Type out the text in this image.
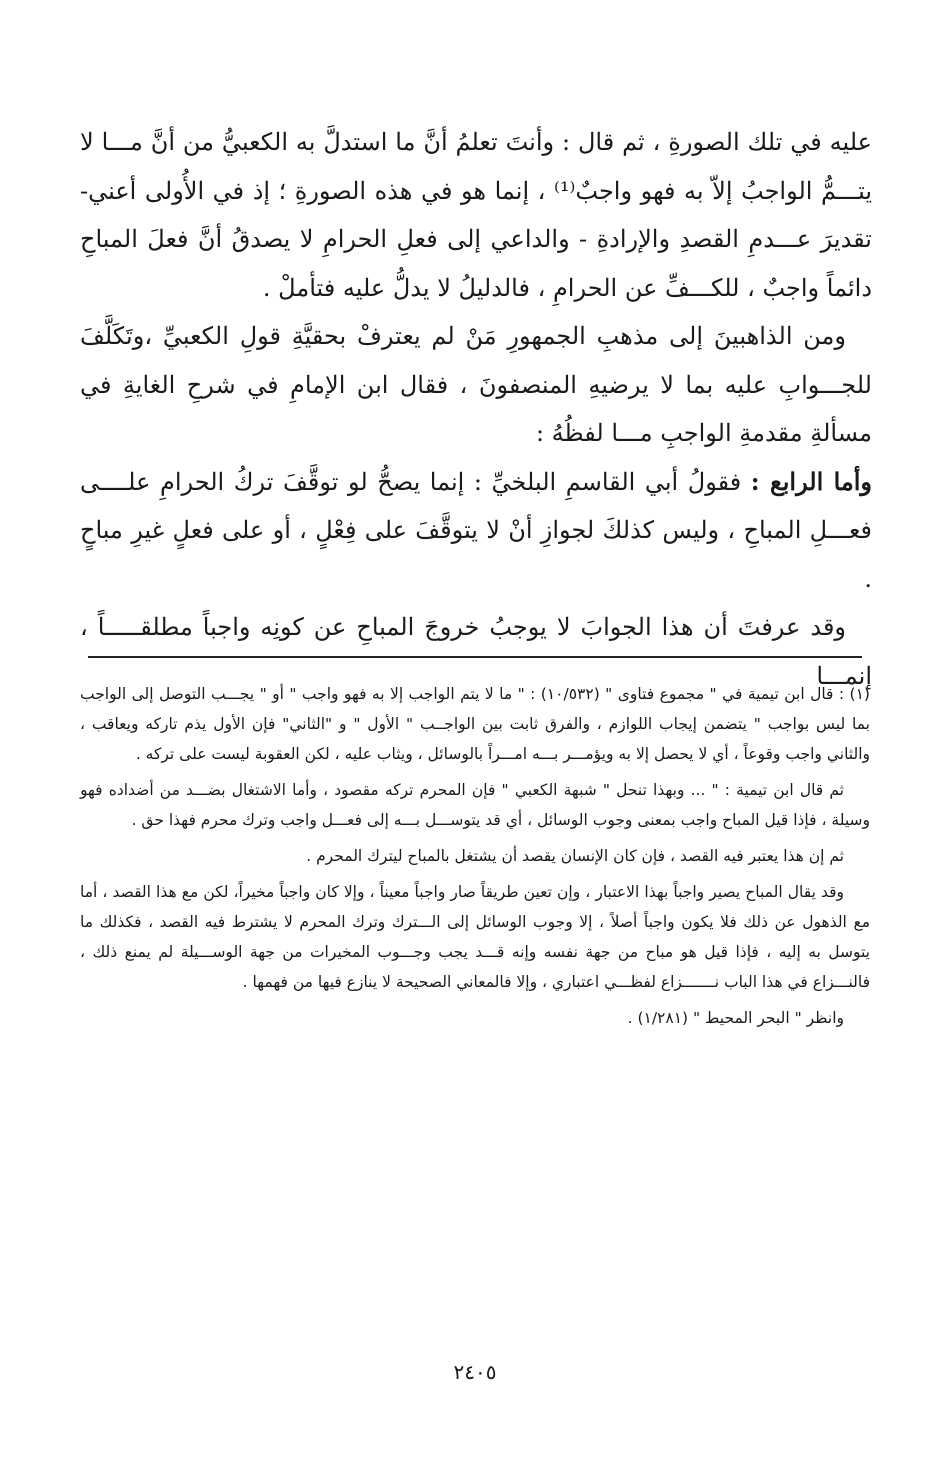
عليه في تلك الصورةِ ، ثم قال : وأنتَ تعلمُ أنَّ ما استدلَّ به الكعبيُّ من أنَّ مـــا لا يتـــمُّ الواجبُ إلاّ به فهو واجبٌ⁽¹⁾ ، إنما هو في هذه الصورةِ ؛ إذ في الأُولى أعني- تقديرَ عـــدمِ القصدِ والإرادةِ - والداعي إلى فعلِ الحرامِ لا يصدقُ أنَّ فعلَ المباحِ دائماً واجبٌ ، للكـــفِّ عن الحرامِ ، فالدليلُ لا يدلُّ عليه فتأملْ .

ومن الذاهبينَ إلى مذهبِ الجمهورِ مَنْ لم يعترفْ بحقيَّةِ قولِ الكعبيِّ ،وتَكَلَّفَ للجـــوابِ عليه بما لا يرضيهِ المنصفونَ ، فقال ابن الإمامِ في شرحِ الغايةِ في مسألةِ مقدمةِ الواجبِ مـــا لفظُهُ :

وأما الرابع : فقولُ أبي القاسمِ البلخيِّ : إنما يصحُّ لو توقَّفَ تركُ الحرامِ علــــى فعـــلِ المباحِ ، وليس كذلكَ لجوازِ أنْ لا يتوقَّفَ على فِعْلٍ ، أو على فعلٍ غيرِ مباحٍ .

وقد عرفتَ أن هذا الجوابَ لا يوجبُ خروجَ المباحِ عن كونِه واجباً مطلقـــــاً ، إنمـــا

(١) : قال ابن تيمية في " مجموع فتاوى " (١٠/٥٣٢) : " ما لا يتم الواجب إلا به فهو واجب " أو " يجـــب التوصل إلى الواجب بما ليس بواجب " يتضمن إيجاب اللوازم ، والفرق ثابت بين الواجــب " الأول " و "الثاني" فإن الأول يذم تاركه ويعاقب ، والثاني واجب وقوعاً ، أي لا يحصل إلا به ويؤمـــر بـــه امـــراً بالوسائل ، ويثاب عليه ، لكن العقوبة ليست على تركه .

ثم قال ابن تيمية : " ... وبهذا تنحل " شبهة الكعبي " فإن المحرم تركه مقصود ، وأما الاشتغال بضـــد من أضداده فهو وسيلة ، فإذا قيل المباح واجب بمعنى وجوب الوسائل ، أي قد يتوســـل بـــه إلى فعـــل واجب وترك محرم فهذا حق .

ثم إن هذا يعتبر فيه القصد ، فإن كان الإنسان يقصد أن يشتغل بالمباح ليترك المحرم .

وقد يقال المباح يصير واجباً بهذا الاعتبار ، وإن تعين طريقاً صار واجباً معيناً ، وإلا كان واجباً مخيراً، لكن مع هذا القصد ، أما مع الذهول عن ذلك فلا يكون واجباً أصلاً ، إلا وجوب الوسائل إلى الـــترك وترك المحرم لا يشترط فيه القصد ، فكذلك ما يتوسل به إليه ، فإذا قيل هو مباح من جهة نفسه وإنه قـــد يجب وجـــوب المخيرات من جهة الوســـيلة لم يمنع ذلك ، فالنـــزاع في هذا الباب نـــــــزاع لفظـــي اعتباري ، وإلا فالمعاني الصحيحة لا ينازع فيها من فهمها .

وانظر " البحر المحيط " (١/٢٨١) .

٢٤٠٥
